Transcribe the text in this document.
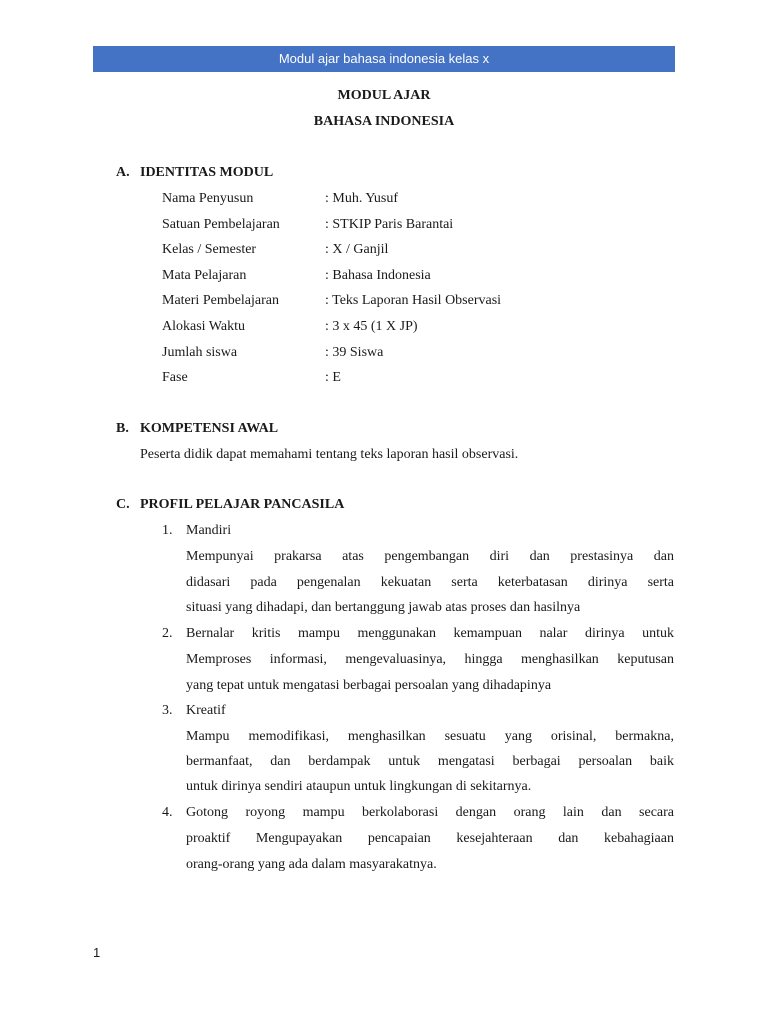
Modul ajar bahasa indonesia kelas x
MODUL AJAR
BAHASA INDONESIA
A. IDENTITAS MODUL
Nama Penyusun	: Muh. Yusuf
Satuan Pembelajaran	: STKIP Paris Barantai
Kelas / Semester	: X / Ganjil
Mata Pelajaran	: Bahasa Indonesia
Materi Pembelajaran	: Teks Laporan Hasil Observasi
Alokasi Waktu	: 3 x 45 (1 X JP)
Jumlah siswa	: 39 Siswa
Fase	: E
B. KOMPETENSI AWAL
Peserta didik dapat memahami tentang teks laporan hasil observasi.
C. PROFIL PELAJAR PANCASILA
1. Mandiri
Mempunyai prakarsa atas pengembangan diri dan prestasinya dan
didasari pada pengenalan kekuatan serta keterbatasan dirinya serta
situasi yang dihadapi, dan bertanggung jawab atas proses dan hasilnya
2. Bernalar kritis mampu menggunakan kemampuan nalar dirinya untuk
Memproses informasi, mengevaluasinya, hingga menghasilkan keputusan
yang tepat untuk mengatasi berbagai persoalan yang dihadapinya
3. Kreatif
Mampu memodifikasi, menghasilkan sesuatu yang orisinal, bermakna,
bermanfaat, dan berdampak untuk mengatasi berbagai persoalan baik
untuk dirinya sendiri ataupun untuk lingkungan di sekitarnya.
4. Gotong royong mampu berkolaborasi dengan orang lain dan secara
proaktif Mengupayakan pencapaian kesejahteraan dan kebahagiaan
orang-orang yang ada dalam masyarakatnya.
1
